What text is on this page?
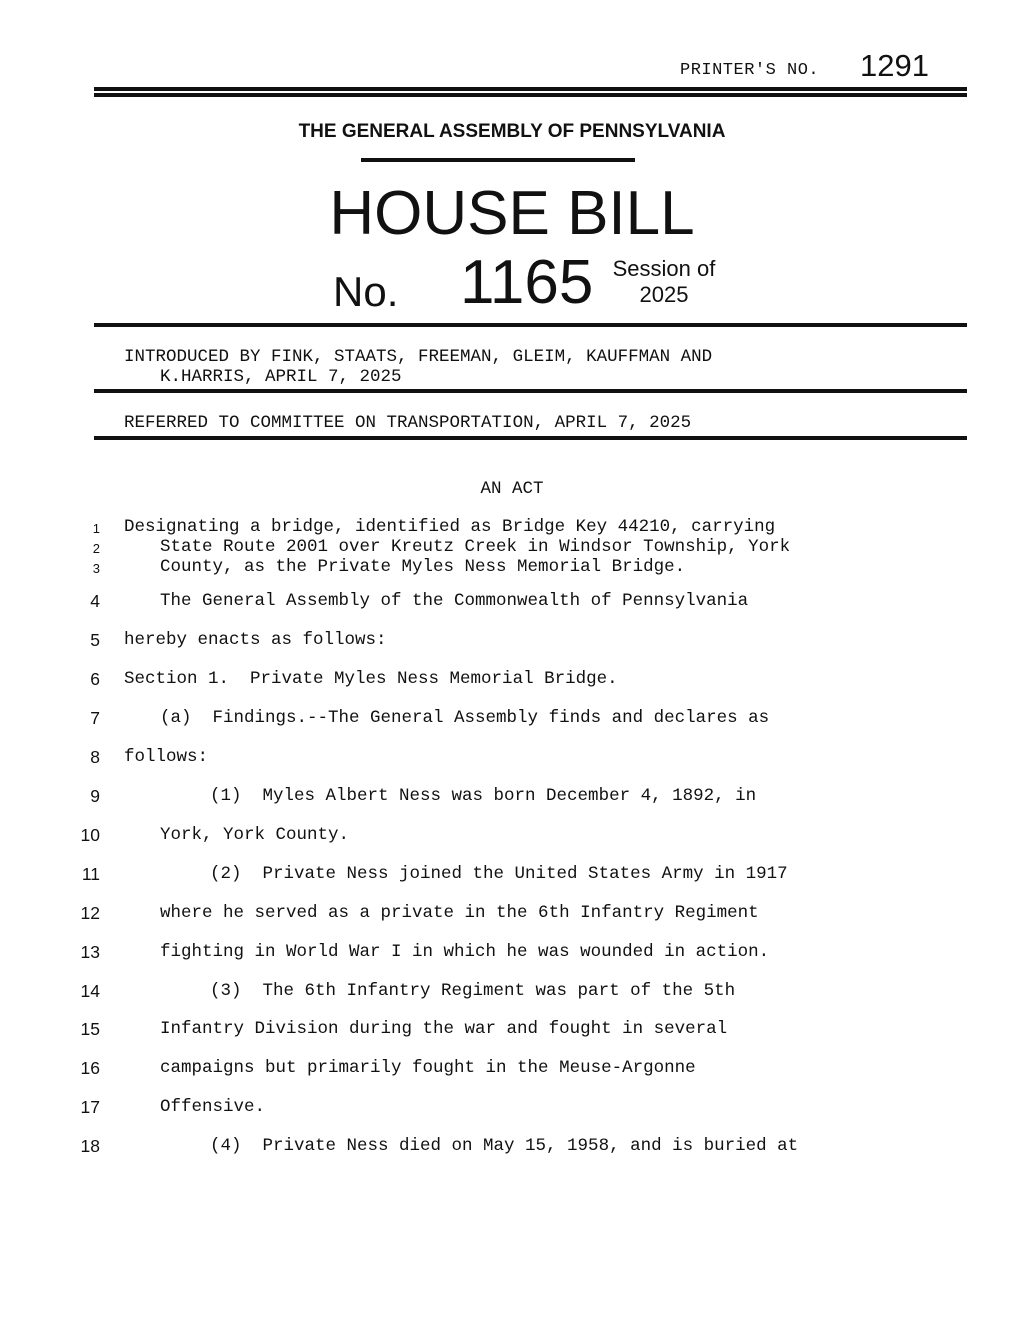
PRINTER'S NO. 1291
THE GENERAL ASSEMBLY OF PENNSYLVANIA
HOUSE BILL
No. 1165 Session of
2025
INTRODUCED BY FINK, STAATS, FREEMAN, GLEIM, KAUFFMAN AND
K.HARRIS, APRIL 7, 2025
REFERRED TO COMMITTEE ON TRANSPORTATION, APRIL 7, 2025
AN ACT
1 Designating a bridge, identified as Bridge Key 44210, carrying
2	State Route 2001 over Kreutz Creek in Windsor Township, York
3	County, as the Private Myles Ness Memorial Bridge.
4	The General Assembly of the Commonwealth of Pennsylvania
5 hereby enacts as follows:
6 Section 1.  Private Myles Ness Memorial Bridge.
7	(a)  Findings.--The General Assembly finds and declares as
8 follows:
9	(1)  Myles Albert Ness was born December 4, 1892, in
10	York, York County.
11	(2)  Private Ness joined the United States Army in 1917
12	where he served as a private in the 6th Infantry Regiment
13	fighting in World War I in which he was wounded in action.
14	(3)  The 6th Infantry Regiment was part of the 5th
15	Infantry Division during the war and fought in several
16	campaigns but primarily fought in the Meuse-Argonne
17	Offensive.
18	(4)  Private Ness died on May 15, 1958, and is buried at
